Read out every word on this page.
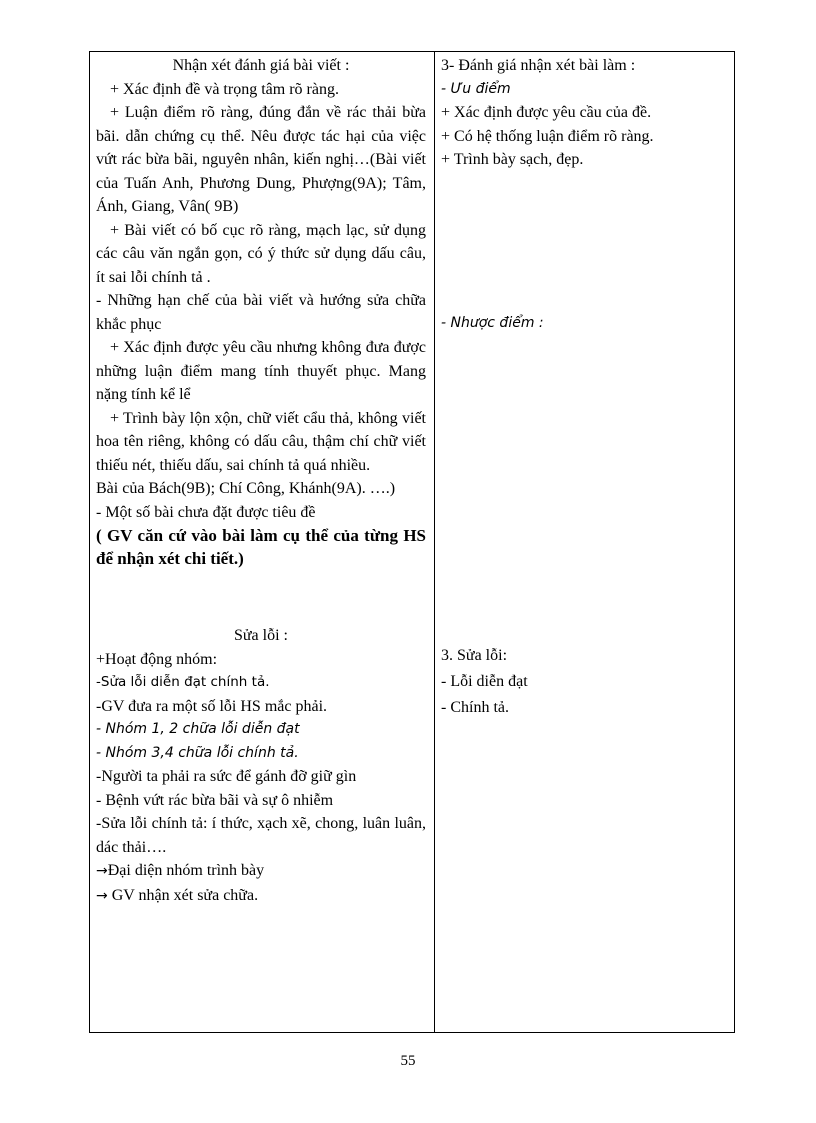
Nhận xét đánh giá bài viết :

+ Xác định đề và trọng tâm rõ ràng.

+ Luận điểm rõ ràng, đúng đắn về rác thải bừa bãi. dẫn chứng cụ thể. Nêu được tác hại của việc vứt rác bừa bãi, nguyên nhân, kiến nghị…(Bài viết của Tuấn Anh, Phương Dung, Phượng(9A); Tâm, Ánh, Giang, Vân( 9B)

+ Bài viết có bố cục rõ ràng, mạch lạc, sử dụng các câu văn ngắn gọn, có ý thức sử dụng dấu câu, ít sai lỗi chính tả .

- Những hạn chế của bài viết và hướng sửa chữa khắc phục

+ Xác định được yêu cầu nhưng không đưa được những luận điểm mang tính thuyết phục. Mang nặng tính kể lể

+ Trình bày lộn xộn, chữ viết cẩu thả, không viết hoa tên riêng, không có dấu câu, thậm chí chữ viết thiếu nét, thiếu dấu, sai chính tả quá nhiều.

Bài của Bách(9B); Chí Công, Khánh(9A). ….)

- Một số bài chưa đặt được tiêu đề

( GV căn cứ vào bài làm cụ thể của từng HS để nhận xét chi tiết.)

Sửa lỗi :

+Hoạt động nhóm:

-Sửa lỗi diễn đạt chính tả.

-GV đưa ra một số lỗi HS mắc phải.

- Nhóm 1, 2 chữa lỗi diễn đạt

- Nhóm 3,4 chữa lỗi chính tả.

-Người ta phải ra sức để gánh đỡ giữ gìn

- Bệnh vứt rác bừa bãi và sự ô nhiễm

-Sửa lỗi chính tả: í thức, xạch xẽ, chong, luân luân, dác thải….

→Đại diện nhóm trình bày

→ GV nhận xét sửa chữa.

3- Đánh giá nhận xét bài làm :

- Ưu điểm

+ Xác định được yêu cầu của đề.

+ Có hệ thống luận điểm rõ ràng.

+ Trình bày sạch, đẹp.

- Nhược điểm :

3. Sửa lỗi:

- Lỗi diễn đạt

- Chính tả.

55
